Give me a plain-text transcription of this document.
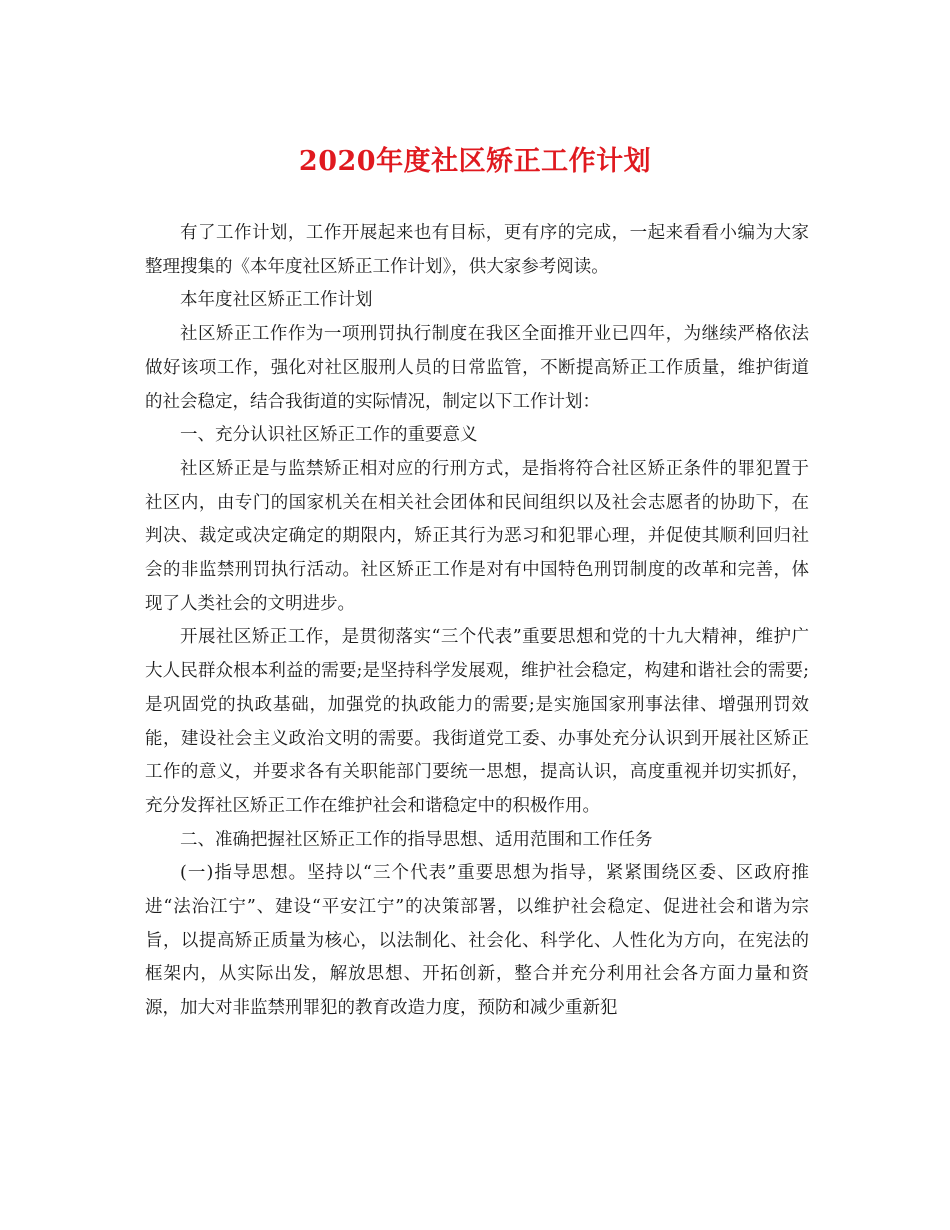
2020年度社区矫正工作计划

有了工作计划，工作开展起来也有目标，更有序的完成，一起来看看小编为大家整理搜集的《本年度社区矫正工作计划》，供大家参考阅读。

本年度社区矫正工作计划

社区矫正工作作为一项刑罚执行制度在我区全面推开业已四年，为继续严格依法做好该项工作，强化对社区服刑人员的日常监管，不断提高矫正工作质量，维护街道的社会稳定，结合我街道的实际情况，制定以下工作计划：

一、充分认识社区矫正工作的重要意义

社区矫正是与监禁矫正相对应的行刑方式，是指将符合社区矫正条件的罪犯置于社区内，由专门的国家机关在相关社会团体和民间组织以及社会志愿者的协助下，在判决、裁定或决定确定的期限内，矫正其行为恶习和犯罪心理，并促使其顺利回归社会的非监禁刑罚执行活动。社区矫正工作是对有中国特色刑罚制度的改革和完善，体现了人类社会的文明进步。

开展社区矫正工作，是贯彻落实“三个代表”重要思想和党的十九大精神，维护广大人民群众根本利益的需要;是坚持科学发展观，维护社会稳定，构建和谐社会的需要;是巩固党的执政基础，加强党的执政能力的需要;是实施国家刑事法律、增强刑罚效能，建设社会主义政治文明的需要。我街道党工委、办事处充分认识到开展社区矫正工作的意义，并要求各有关职能部门要统一思想，提高认识，高度重视并切实抓好，充分发挥社区矫正工作在维护社会和谐稳定中的积极作用。

二、准确把握社区矫正工作的指导思想、适用范围和工作任务

(一)指导思想。坚持以“三个代表”重要思想为指导，紧紧围绕区委、区政府推进“法治江宁”、建设“平安江宁”的决策部署，以维护社会稳定、促进社会和谐为宗旨，以提高矫正质量为核心，以法制化、社会化、科学化、人性化为方向，在宪法的框架内，从实际出发，解放思想、开拓创新，整合并充分利用社会各方面力量和资源，加大对非监禁刑罪犯的教育改造力度，预防和减少重新犯
